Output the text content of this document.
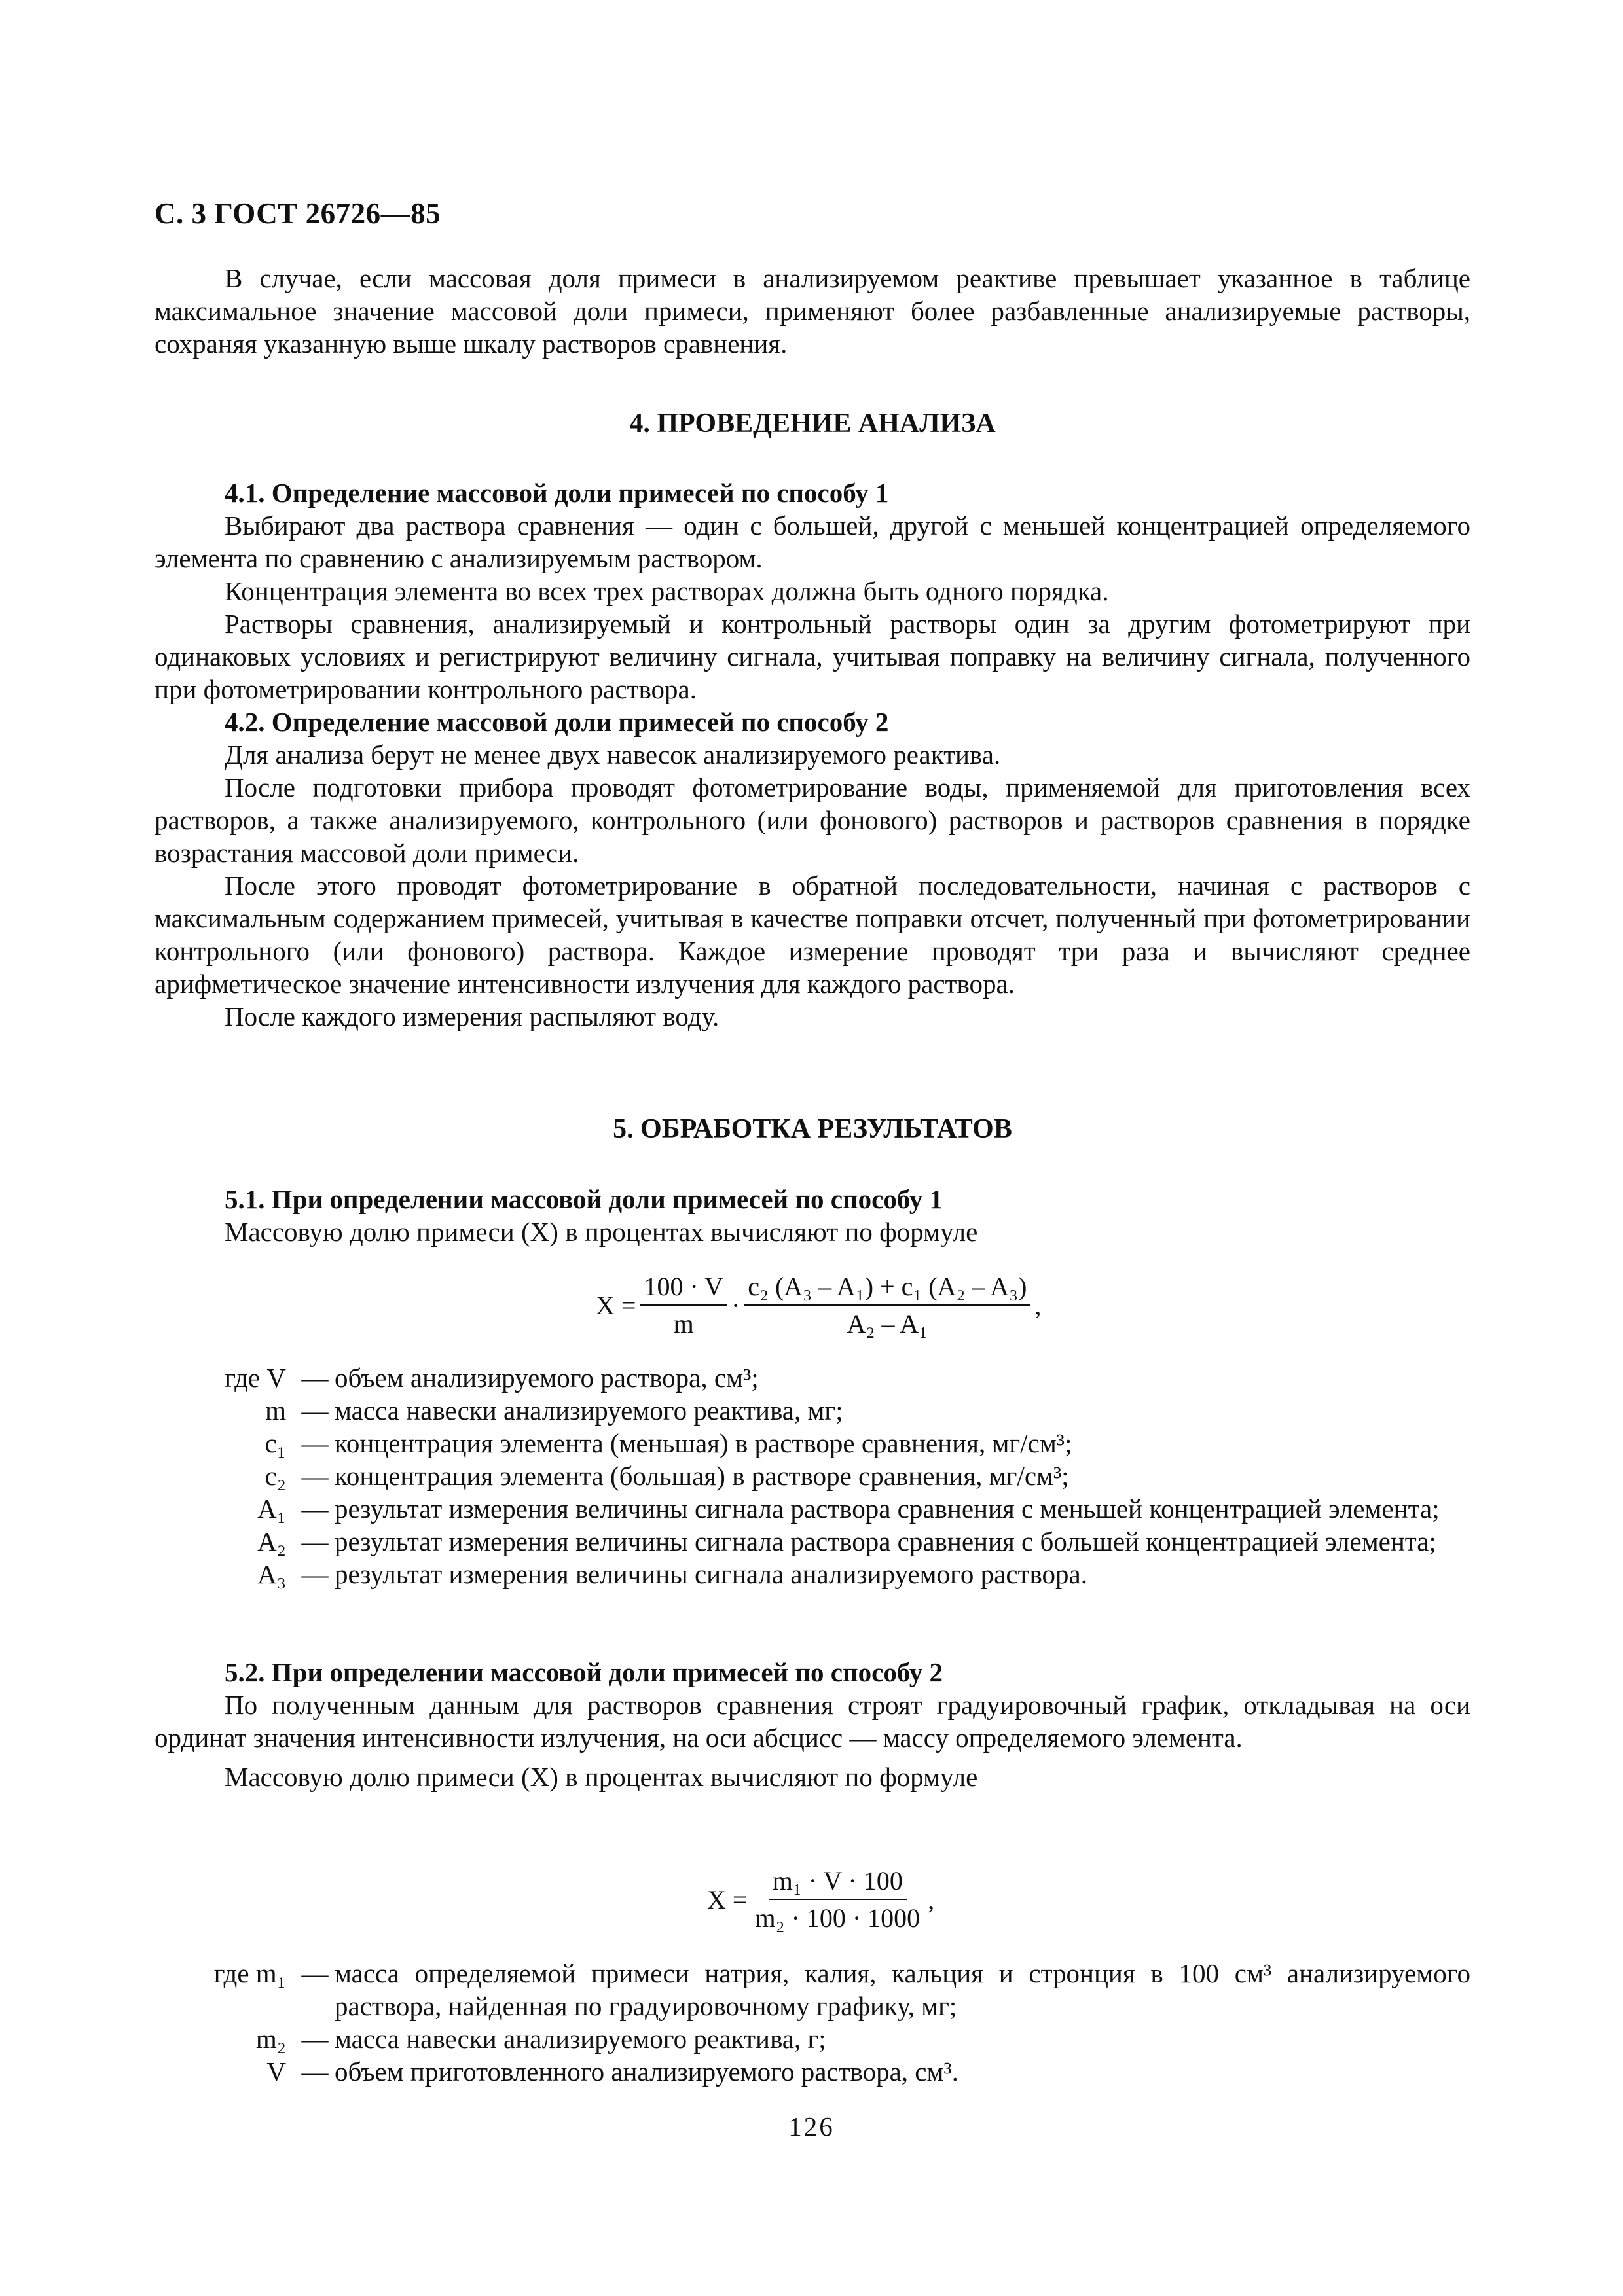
С. 3 ГОСТ 26726—85

В случае, если массовая доля примеси в анализируемом реактиве превышает указанное в таблице максимальное значение массовой доли примеси, применяют более разбавленные анализируемые растворы, сохраняя указанную выше шкалу растворов сравнения.

4. ПРОВЕДЕНИЕ АНАЛИЗА

4.1. Определение массовой доли примесей по способу 1

Выбирают два раствора сравнения — один с большей, другой с меньшей концентрацией определяемого элемента по сравнению с анализируемым раствором.

Концентрация элемента во всех трех растворах должна быть одного порядка.

Растворы сравнения, анализируемый и контрольный растворы один за другим фотометрируют при одинаковых условиях и регистрируют величину сигнала, учитывая поправку на величину сигнала, полученного при фотометрировании контрольного раствора.

4.2. Определение массовой доли примесей по способу 2

Для анализа берут не менее двух навесок анализируемого реактива.

После подготовки прибора проводят фотометрирование воды, применяемой для приготовления всех растворов, а также анализируемого, контрольного (или фонового) растворов и растворов сравнения в порядке возрастания массовой доли примеси.

После этого проводят фотометрирование в обратной последовательности, начиная с растворов с максимальным содержанием примесей, учитывая в качестве поправки отсчет, полученный при фотометрировании контрольного (или фонового) раствора. Каждое измерение проводят три раза и вычисляют среднее арифметическое значение интенсивности излучения для каждого раствора.

После каждого измерения распыляют воду.

5. ОБРАБОТКА РЕЗУЛЬТАТОВ

5.1. При определении массовой доли примесей по способу 1

Массовую долю примеси (X) в процентах вычисляют по формуле

$X = \frac{100 \cdot V}{m} \cdot \frac{\text{c₂ (A₃ – A₁) + c₁ (A₂ – A₃)}}{\text{A₂ – A₁}}$ ,
где V — объем анализируемого раствора, см³;
m — масса навески анализируемого реактива, мг;
c₁ — концентрация элемента (меньшая) в растворе сравнения, мг/см³;
c₂ — концентрация элемента (большая) в растворе сравнения, мг/см³;
A₁ — результат измерения величины сигнала раствора сравнения с меньшей концентрацией элемента;
A₂ — результат измерения величины сигнала раствора сравнения с большей концентрацией элемента;
A₃ — результат измерения величины сигнала анализируемого раствора.

5.2. При определении массовой доли примесей по способу 2

По полученным данным для растворов сравнения строят градуировочный график, откладывая на оси ординат значения интенсивности излучения, на оси абсцисс — массу определяемого элемента.

Массовую долю примеси (X) в процентах вычисляют по формуле

$X = \frac{\text{m₁ · V · 100}}{\text{m₂ · 100 · 1000}}$ ,
где m₁ — масса определяемой примеси натрия, калия, кальция и стронция в 100 см³ анализируемого раствора, найденная по градуировочному графику, мг;
m₂ — масса навески анализируемого реактива, г;
V — объем приготовленного анализируемого раствора, см³.
126
